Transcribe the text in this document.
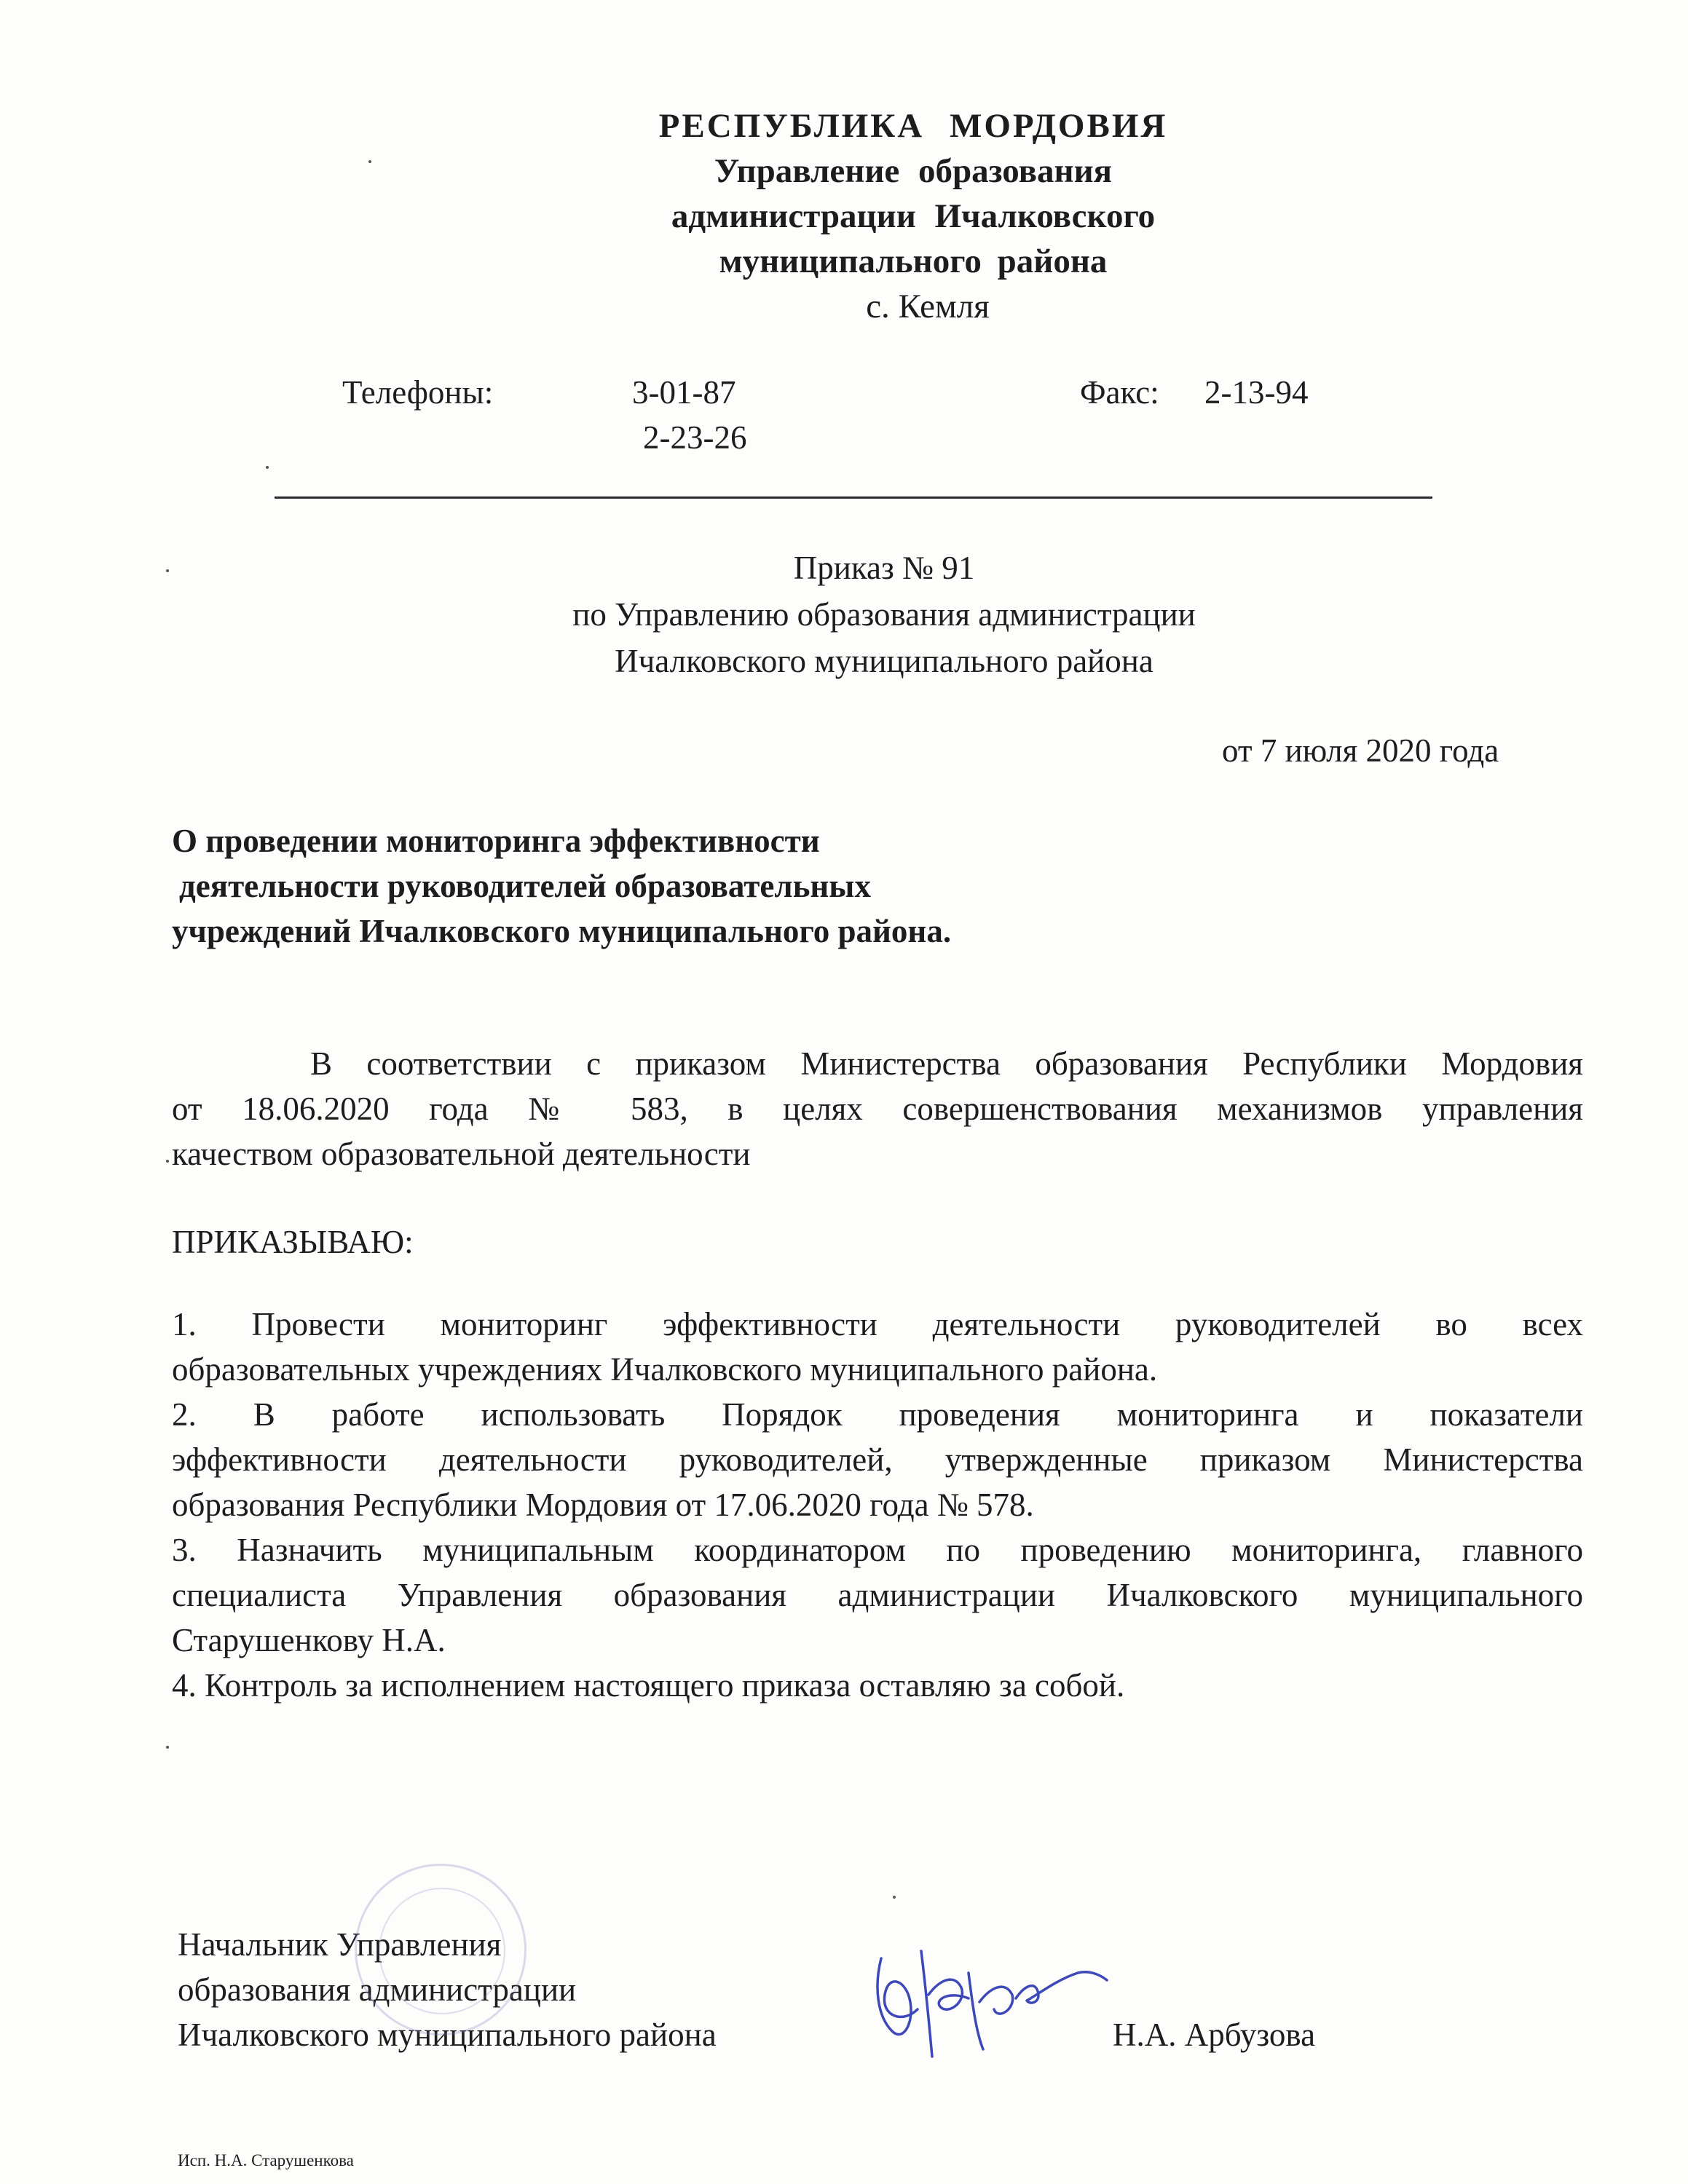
РЕСПУБЛИКА МОРДОВИЯ
Управление образования
администрации Ичалковского
муниципального района
с. Кемля
Телефоны:	3-01-87
2-23-26
Факс: 2-13-94
Приказ № 91
по Управлению образования администрации
Ичалковского муниципального района
от 7 июля 2020 года
О проведении мониторинга эффективности
деятельности руководителей образовательных
учреждений Ичалковского муниципального района.
В соответствии с приказом Министерства образования Республики Мордовия
от 18.06.2020 года № 583, в целях совершенствования механизмов управления
качеством образовательной деятельности
ПРИКАЗЫВАЮ:
1. Провести мониторинг эффективности деятельности руководителей во всех
образовательных учреждениях Ичалковского муниципального района.
2. В работе использовать Порядок проведения мониторинга и показатели
эффективности деятельности руководителей, утвержденные приказом Министерства
образования Республики Мордовия от 17.06.2020 года № 578.
3. Назначить муниципальным координатором по проведению мониторинга, главного
специалиста Управления образования администрации Ичалковского муниципального
Старушенкову Н.А.
4. Контроль за исполнением настоящего приказа оставляю за собой.
Начальник Управления
образования администрации
Ичалковского муниципального района	Н.А. Арбузова
Исп. Н.А. Старушенкова
